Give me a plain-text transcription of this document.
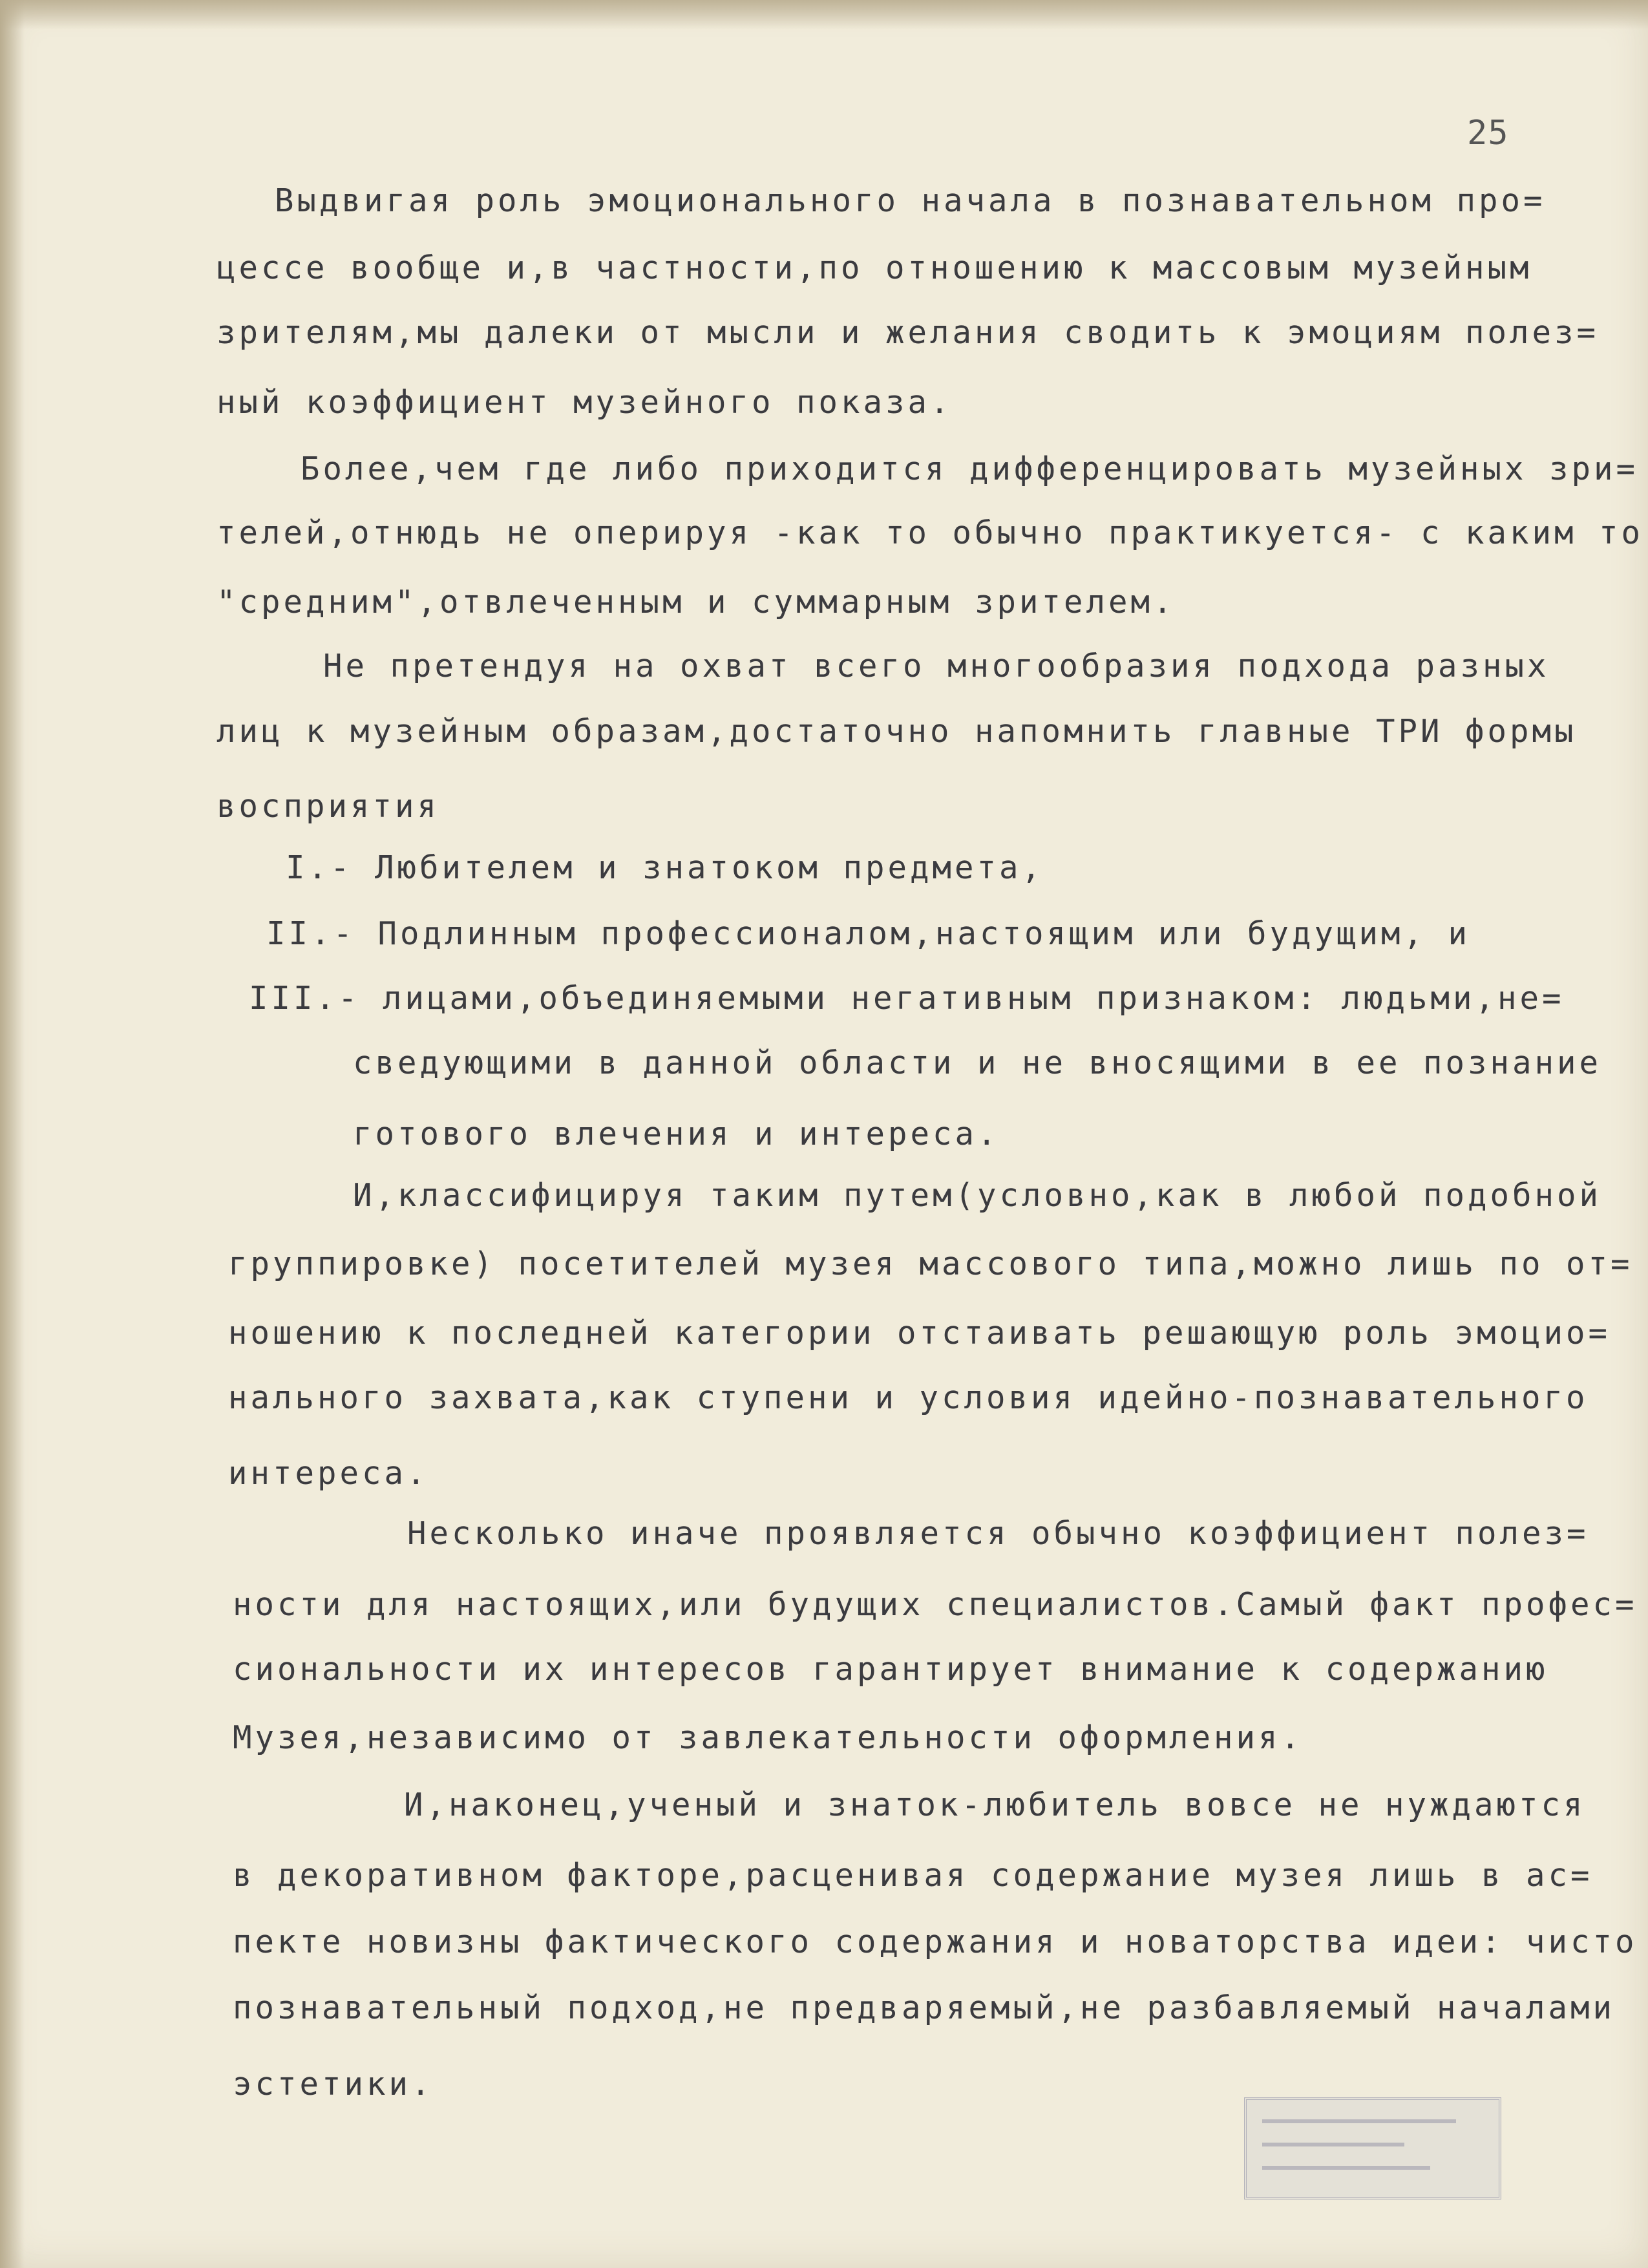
25
Выдвигая роль эмоционального начала в познавательном про=
цессе вообще и,в частности,по отношению к массовым музейным
зрителям,мы далеки от мысли и желания сводить к эмоциям полез=
ный коэффициент музейного показа.
Более,чем где либо приходится дифференцировать музейных зри=
телей,отнюдь не оперируя -как то обычно практикуется- с каким то
"средним",отвлеченным и суммарным зрителем.
Не претендуя на охват всего многообразия подхода разных
лиц к музейным образам,достаточно напомнить главные ТРИ формы
восприятия
I.- Любителем и знатоком предмета,
II.- Подлинным профессионалом,настоящим или будущим, и
III.- лицами,объединяемыми негативным признаком: людьми,не=
сведующими в данной области и не вносящими в ее познание
готового влечения и интереса.
И,классифицируя таким путем(условно,как в любой подобной
группировке) посетителей музея массового типа,можно лишь по от=
ношению к последней категории отстаивать решающую роль эмоцио=
нального захвата,как ступени и условия идейно-познавательного
интереса.
Несколько иначе проявляется обычно коэффициент полез=
ности для настоящих,или будущих специалистов.Самый факт профес=
сиональности их интересов гарантирует внимание к содержанию
Музея,независимо от завлекательности оформления.
И,наконец,ученый и знаток-любитель вовсе не нуждаются
в декоративном факторе,расценивая содержание музея лишь в ас=
пекте новизны фактического содержания и новаторства идеи: чисто
познавательный подход,не предваряемый,не разбавляемый началами
эстетики.
